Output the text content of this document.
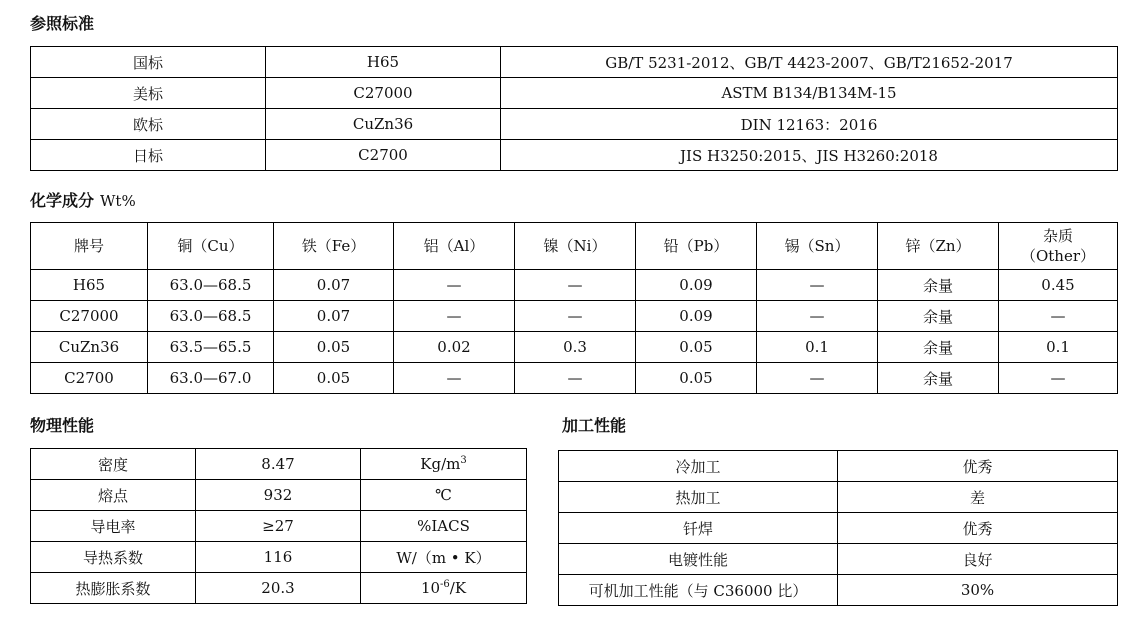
参照标准
国标	H65	GB/T 5231-2012、GB/T 4423-2007、GB/T21652-2017
美标	C27000	ASTM B134/B134M-15
欧标	CuZn36	DIN 12163：2016
日标	C2700	JIS H3250:2015、JIS H3260:2018
化学成分 Wt%
牌号	铜（Cu）	铁（Fe）	铝（Al）	镍（Ni）	铅（Pb）	锡（Sn）	锌（Zn）	杂质
（Other）

H65	63.0—68.5	0.07	—	—	0.09	—	余量	0.45
C27000	63.0—68.5	0.07	—	—	0.09	—	余量	—
CuZn36	63.5—65.5	0.05	0.02	0.3	0.05	0.1	余量	0.1
C2700	63.0—67.0	0.05	—	—	0.05	—	余量	—
物理性能
密度	8.47	$Kg/m^3$
熔点	932	℃
导电率	≥27	%IACS
导热系数	116	W/（m • K）
热膨胀系数	20.3	$10^{-6}/K$
加工性能
冷加工	优秀
热加工	差
钎焊	优秀
电镀性能	良好
可机加工性能（与 C36000 比）	30%
